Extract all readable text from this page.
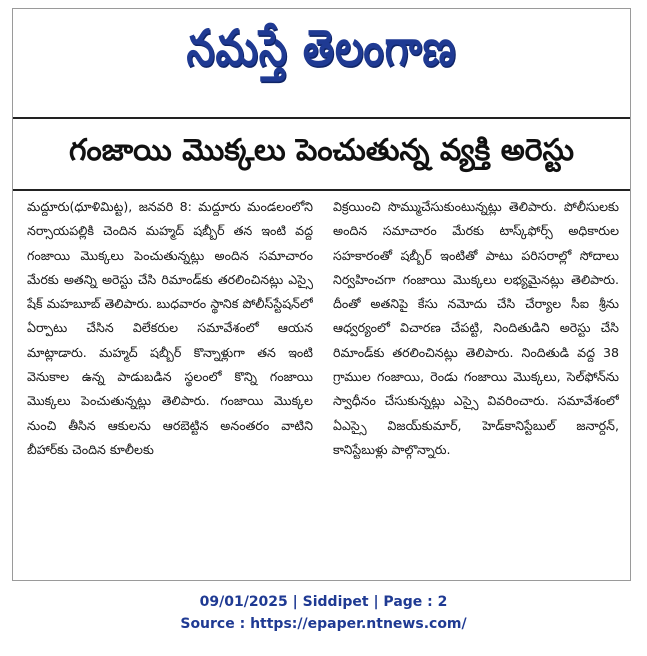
నమస్తే తెలంగాణ
గంజాయి మొక్కలు పెంచుతున్న వ్యక్తి అరెస్టు
మద్దూరు(ధూళిమిట్ట), జనవరి 8: మద్దూరు మండలంలోని నర్సాయపల్లికి చెందిన మహ్మద్ షబ్బీర్ తన ఇంటి వద్ద గంజాయి మొక్కలు పెంచుతున్నట్లు అందిన సమాచారం మేరకు అతన్ని అరెస్టు చేసి రిమాండ్‌కు తరలించినట్లు ఎస్సై షేక్ మహబూబ్ తెలిపారు. బుధవారం స్థానిక పోలీస్‌స్టేషన్‌లో ఏర్పాటు చేసిన విలేకరుల సమావేశంలో ఆయన మాట్లాడారు. మహ్మద్ షబ్బీర్ కొన్నాళ్లుగా తన ఇంటి వెనుకాల ఉన్న పాడుబడిన స్థలంలో కొన్ని గంజాయి మొక్కలు పెంచుతున్నట్లు తెలిపారు. గంజాయి మొక్కల నుంచి తీసిన ఆకులను ఆరబెట్టిన అనంతరం వాటిని బీహార్‌కు చెందిన కూలీలకు
విక్రయించి సొమ్ముచేసుకుంటున్నట్లు తెలిపారు. పోలీసులకు అందిన సమాచారం మేరకు టాస్క్‌ఫోర్స్ అధికారుల సహకారంతో షబ్బీర్ ఇంటితో పాటు పరిసరాల్లో సోదాలు నిర్వహించగా గంజాయి మొక్కలు లభ్యమైనట్లు తెలిపారు. దీంతో అతనిపై కేసు నమోదు చేసి చేర్యాల సీఐ శ్రీను ఆధ్వర్యంలో విచారణ చేపట్టి, నిందితుడిని అరెస్టు చేసి రిమాండ్‌కు తరలించినట్లు తెలిపారు. నిందితుడి వద్ద 38 గ్రాముల గంజాయి, రెండు గంజాయి మొక్కలు, సెల్‌ఫోన్‌ను స్వాధీనం చేసుకున్నట్లు ఎస్సై వివరించారు. సమావేశంలో ఏఎస్సై విజయ్‌కుమార్, హెడ్‌కానిస్టేబుల్ జనార్దన్, కానిస్టేబుళ్లు పాల్గొన్నారు.
09/01/2025 | Siddipet | Page : 2
Source : https://epaper.ntnews.com/
